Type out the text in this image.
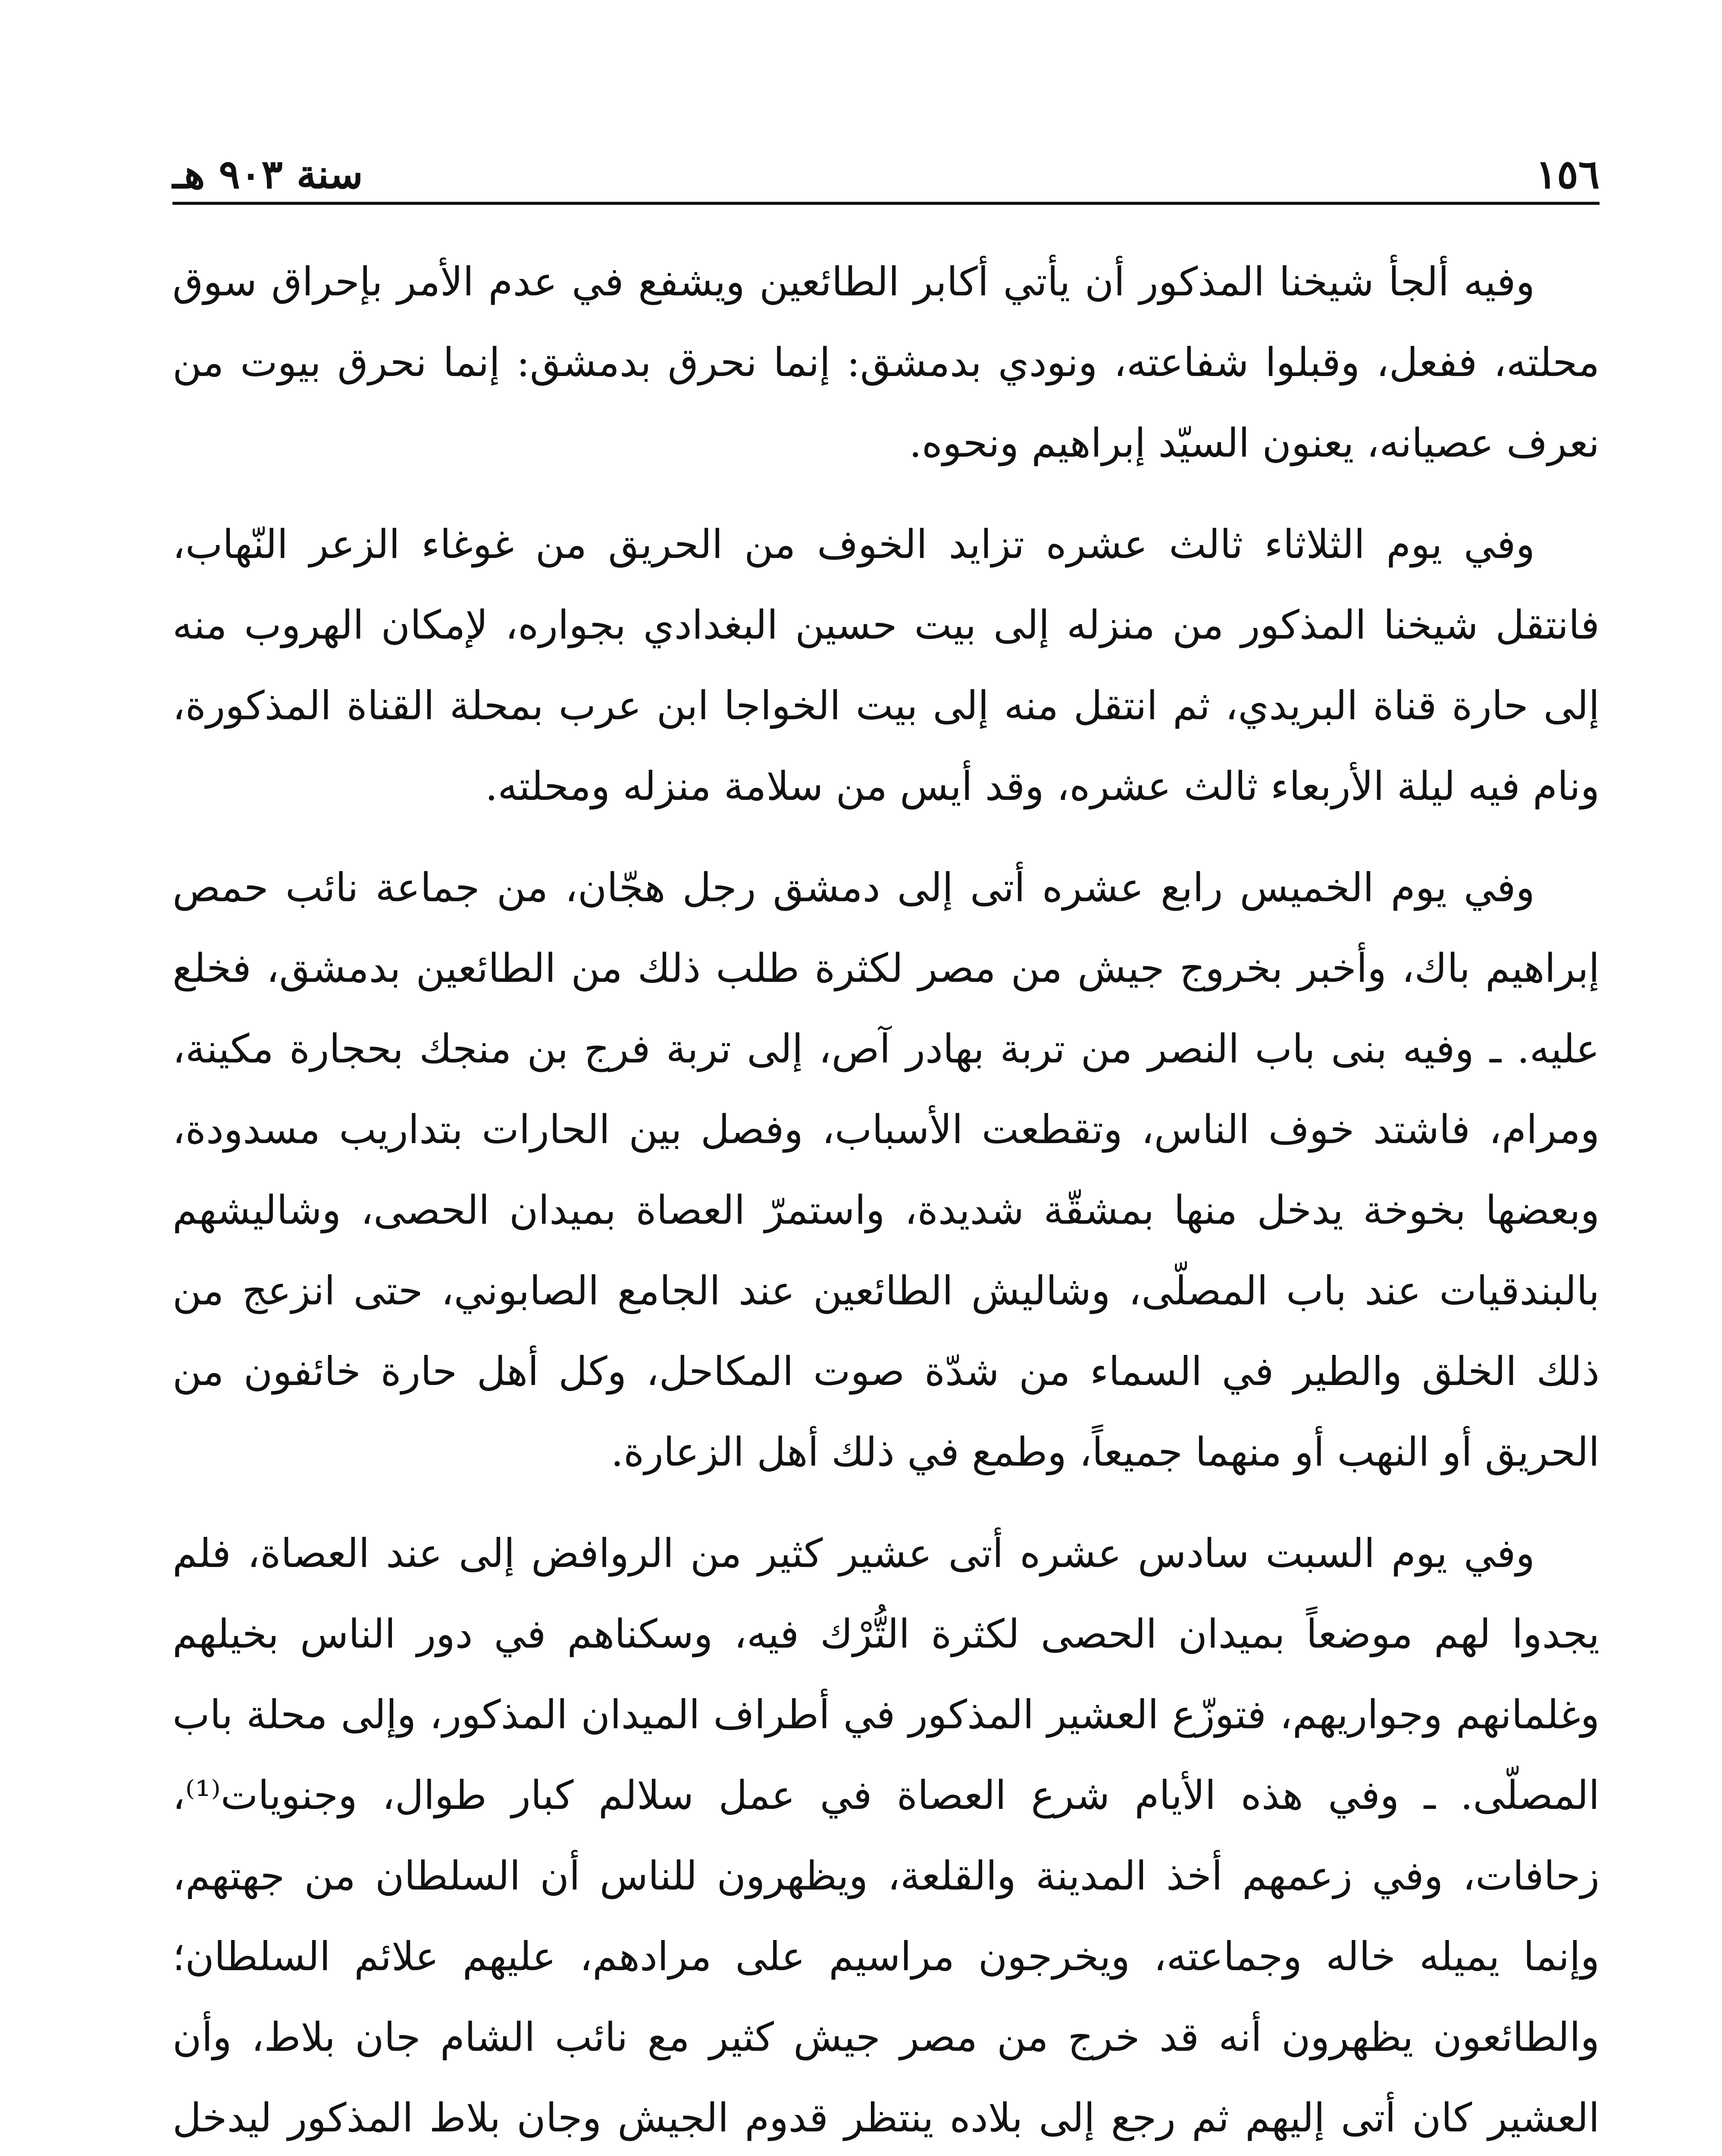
١٥٦
سنة ٩٠٣ هـ

وفيه ألجأ شيخنا المذكور أن يأتي أكابر الطائعين ويشفع في عدم الأمر بإحراق سوق محلته، ففعل، وقبلوا شفاعته، ونودي بدمشق: إنما نحرق بدمشق: إنما نحرق بيوت من نعرف عصيانه، يعنون السيّد إبراهيم ونحوه.

وفي يوم الثلاثاء ثالث عشره تزايد الخوف من الحريق من غوغاء الزعر النّهاب، فانتقل شيخنا المذكور من منزله إلى بيت حسين البغدادي بجواره، لإمكان الهروب منه إلى حارة قناة البريدي، ثم انتقل منه إلى بيت الخواجا ابن عرب بمحلة القناة المذكورة، ونام فيه ليلة الأربعاء ثالث عشره، وقد أيس من سلامة منزله ومحلته.

وفي يوم الخميس رابع عشره أتى إلى دمشق رجل هجّان، من جماعة نائب حمص إبراهيم باك، وأخبر بخروج جيش من مصر لكثرة طلب ذلك من الطائعين بدمشق، فخلع عليه. ـ وفيه بنى باب النصر من تربة بهادر آص، إلى تربة فرج بن منجك بحجارة مكينة، ومرام، فاشتد خوف الناس، وتقطعت الأسباب، وفصل بين الحارات بتداريب مسدودة، وبعضها بخوخة يدخل منها بمشقّة شديدة، واستمرّ العصاة بميدان الحصى، وشاليشهم بالبندقيات عند باب المصلّى، وشاليش الطائعين عند الجامع الصابوني، حتى انزعج من ذلك الخلق والطير في السماء من شدّة صوت المكاحل، وكل أهل حارة خائفون من الحريق أو النهب أو منهما جميعاً، وطمع في ذلك أهل الزعارة.

وفي يوم السبت سادس عشره أتى عشير كثير من الروافض إلى عند العصاة، فلم يجدوا لهم موضعاً بميدان الحصى لكثرة التُّرْك فيه، وسكناهم في دور الناس بخيلهم وغلمانهم وجواريهم، فتوزّع العشير المذكور في أطراف الميدان المذكور، وإلى محلة باب المصلّى. ـ وفي هذه الأيام شرع العصاة في عمل سلالم كبار طوال، وجنويات⁽¹⁾، زحافات، وفي زعمهم أخذ المدينة والقلعة، ويظهرون للناس أن السلطان من جهتهم، وإنما يميله خاله وجماعته، ويخرجون مراسيم على مرادهم، عليهم علائم السلطان؛ والطائعون يظهرون أنه قد خرج من مصر جيش كثير مع نائب الشام جان بلاط، وأن العشير كان أتى إليهم ثم رجع إلى بلاده ينتظر قدوم الجيش وجان بلاط المذكور ليدخل
